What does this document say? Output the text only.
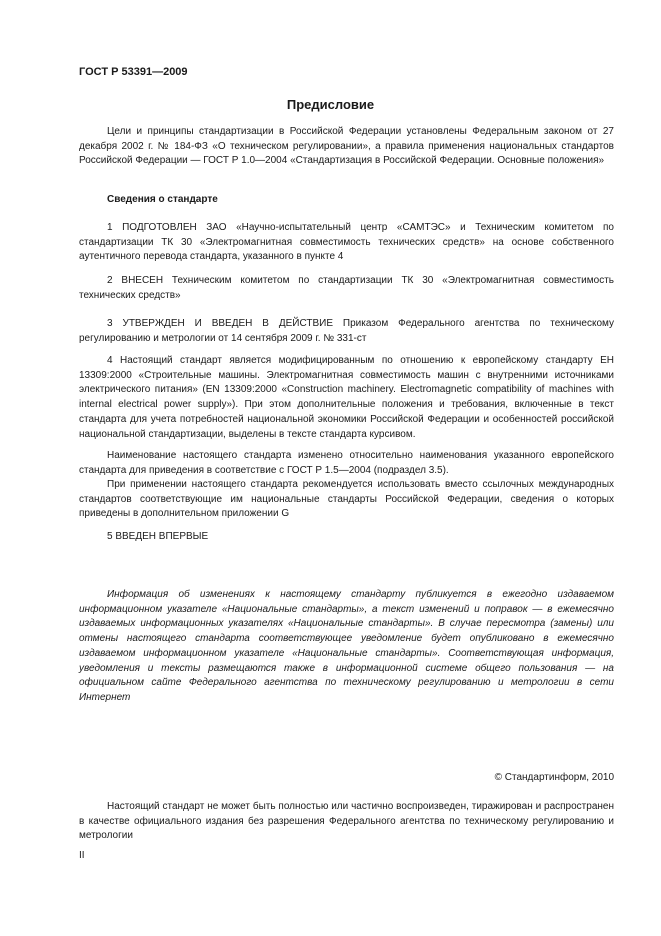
ГОСТ Р 53391—2009
Предисловие

Цели и принципы стандартизации в Российской Федерации установлены Федеральным законом от 27 декабря 2002 г. № 184-ФЗ «О техническом регулировании», а правила применения национальных стандартов Российской Федерации — ГОСТ Р 1.0—2004 «Стандартизация в Российской Федерации. Основные положения»

Сведения о стандарте

1 ПОДГОТОВЛЕН ЗАО «Научно-испытательный центр «САМТЭС» и Техническим комитетом по стандартизации ТК 30 «Электромагнитная совместимость технических средств» на основе собственного аутентичного перевода стандарта, указанного в пункте 4

2 ВНЕСЕН Техническим комитетом по стандартизации ТК 30 «Электромагнитная совместимость технических средств»

3 УТВЕРЖДЕН И ВВЕДЕН В ДЕЙСТВИЕ Приказом Федерального агентства по техническому регулированию и метрологии от 14 сентября 2009 г. № 331-ст

4 Настоящий стандарт является модифицированным по отношению к европейскому стандарту ЕН 13309:2000 «Строительные машины. Электромагнитная совместимость машин с внутренними источниками электрического питания» (EN 13309:2000 «Construction machinery. Electromagnetic compatibility of machines with internal electrical power supply»). При этом дополнительные положения и требования, включенные в текст стандарта для учета потребностей национальной экономики Российской Федерации и особенностей российской национальной стандартизации, выделены в тексте стандарта курсивом.

Наименование настоящего стандарта изменено относительно наименования указанного европейского стандарта для приведения в соответствие с ГОСТ Р 1.5—2004 (подраздел 3.5).

При применении настоящего стандарта рекомендуется использовать вместо ссылочных международных стандартов соответствующие им национальные стандарты Российской Федерации, сведения о которых приведены в дополнительном приложении G

5 ВВЕДЕН ВПЕРВЫЕ

Информация об изменениях к настоящему стандарту публикуется в ежегодно издаваемом информационном указателе «Национальные стандарты», а текст изменений и поправок — в ежемесячно издаваемых информационных указателях «Национальные стандарты». В случае пересмотра (замены) или отмены настоящего стандарта соответствующее уведомление будет опубликовано в ежемесячно издаваемом информационном указателе «Национальные стандарты». Соответствующая информация, уведомления и тексты размещаются также в информационной системе общего пользования — на официальном сайте Федерального агентства по техническому регулированию и метрологии в сети Интернет

© Стандартинформ, 2010

Настоящий стандарт не может быть полностью или частично воспроизведен, тиражирован и распространен в качестве официального издания без разрешения Федерального агентства по техническому регулированию и метрологии

II
